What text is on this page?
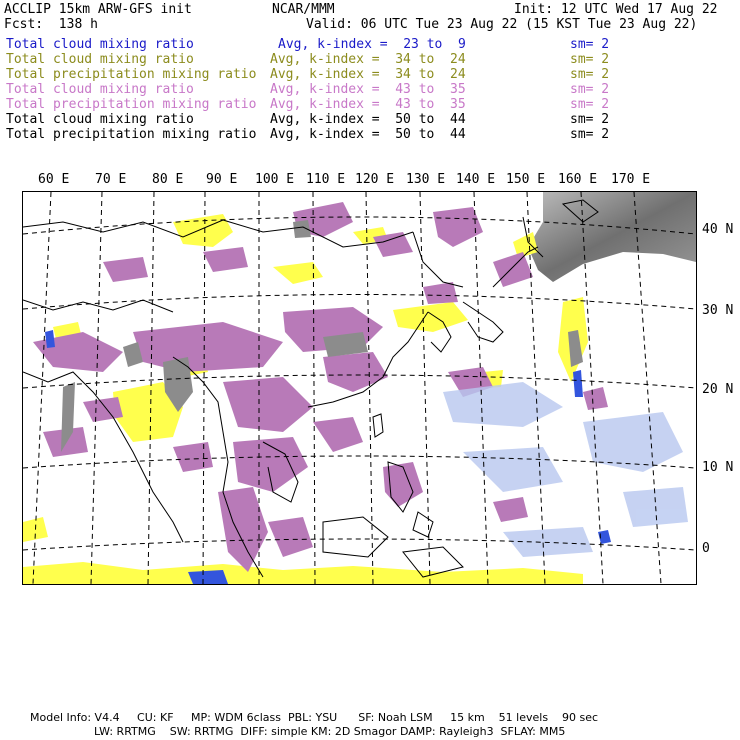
ACCLIP 15km ARW-GFS init	NCAR/MMM	Init: 12 UTC Wed 17 Aug 22
Fcst:  138 h	Valid: 06 UTC Tue 23 Aug 22 (15 KST Tue 23 Aug 22)
Total cloud mixing ratio	Avg, k-index =  23 to  9	sm= 2
Total cloud mixing ratio	Avg, k-index =  34 to  24	sm= 2
Total precipitation mixing ratio Avg, k-index =  34 to  24	sm= 2
Total cloud mixing ratio	Avg, k-index =  43 to  35	sm= 2
Total precipitation mixing ratio Avg, k-index =  43 to  35	sm= 2
Total cloud mixing ratio	Avg, k-index =  50 to  44	sm= 2
Total precipitation mixing ratio Avg, k-index =  50 to  44	sm= 2
60 E 70 E 80 E 90 E 100 E 110 E 120 E 130 E 140 E 150 E 160 E 170 E
40 N
30 N
20 N
10 N
0
Model Info: V4.4     CU: KF     MP: WDM 6class  PBL: YSU      SF: Noah LSM     15 km    51 levels    90 sec
LW: RRTMG    SW: RRTMG  DIFF: simple KM: 2D Smagor DAMP: Rayleigh3  SFLAY: MM5
